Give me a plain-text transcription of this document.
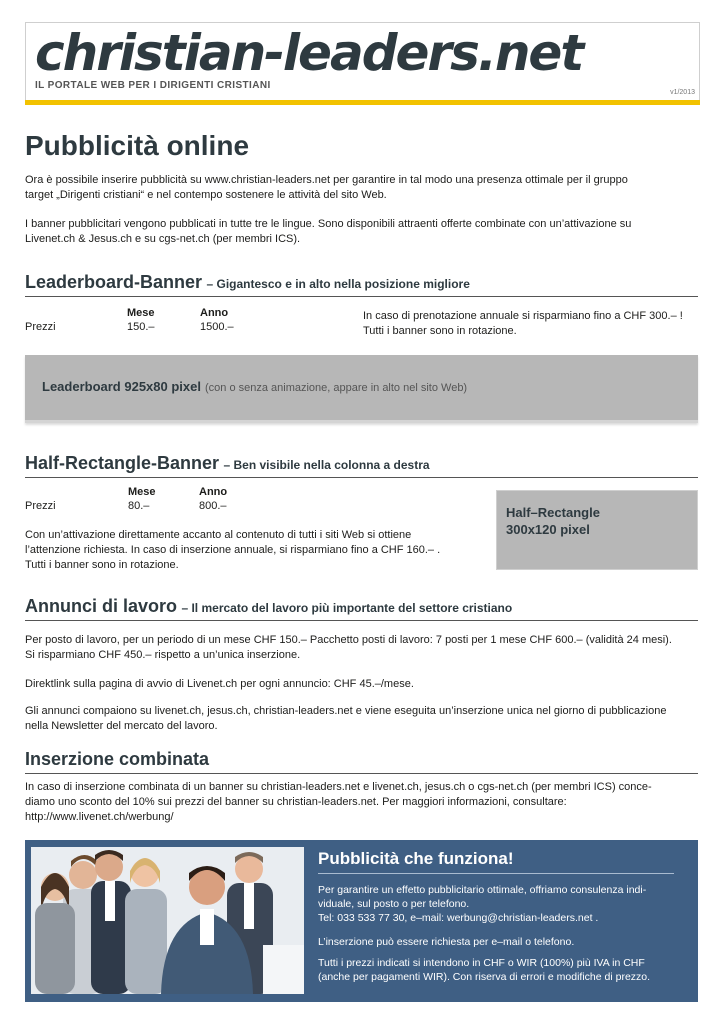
christian-leaders.net
IL PORTALE WEB PER I DIRIGENTI CRISTIANI
v1/2013
Pubblicità online
Ora è possibile inserire pubblicità su www.christian-leaders.net per garantire in tal modo una presenza ottimale per il gruppo
target „Dirigenti cristiani“ e nel contempo sostenere le attività del sito Web.
I banner pubblicitari vengono pubblicati in tutte tre le lingue. Sono disponibili attraenti offerte combinate con un’attivazione su
Livenet.ch & Jesus.ch e su cgs-net.ch (per membri ICS).
Leaderboard-Banner – Gigantesco e in alto nella posizione migliore
Mese	Anno
Prezzi	150.–	1500.–
In caso di prenotazione annuale si risparmiano fino a CHF 300.– !
Tutti i banner sono in rotazione.
Leaderboard 925x80 pixel (con o senza animazione, appare in alto nel sito Web)
Half-Rectangle-Banner – Ben visibile nella colonna a destra
Mese	Anno
Prezzi	80.–	800.–
Con un’attivazione direttamente accanto al contenuto di tutti i siti Web si ottiene
l’attenzione richiesta. In caso di inserzione annuale, si risparmiano fino a CHF 160.– .
Tutti i banner sono in rotazione.
Half–Rectangle
300x120 pixel
Annunci di lavoro – Il mercato del lavoro più importante del settore cristiano
Per posto di lavoro, per un periodo di un mese CHF 150.– Pacchetto posti di lavoro: 7 posti per 1 mese CHF 600.– (validità 24 mesi).
Si risparmiano CHF 450.– rispetto a un’unica inserzione.
Direktlink sulla pagina di avvio di Livenet.ch per ogni annuncio: CHF 45.–/mese.
Gli annunci compaiono su livenet.ch, jesus.ch, christian-leaders.net e viene eseguita un’inserzione unica nel giorno di pubblicazione
nella Newsletter del mercato del lavoro.
Inserzione combinata
In caso di inserzione combinata di un banner su christian-leaders.net e livenet.ch, jesus.ch o cgs-net.ch (per membri ICS) conce-
diamo uno sconto del 10% sui prezzi del banner su christian-leaders.net. Per maggiori informazioni, consultare:
http://www.livenet.ch/werbung/
Pubblicità che funziona!
Per garantire un effetto pubblicitario ottimale, offriamo consulenza indi-
viduale, sul posto o per telefono.
Tel: 033 533 77 30, e–mail: werbung@christian-leaders.net .
L’inserzione può essere richiesta per e–mail o telefono.
Tutti i prezzi indicati si intendono in CHF o WIR (100%) più IVA in CHF
(anche per pagamenti WIR). Con riserva di errori e modifiche di prezzo.
